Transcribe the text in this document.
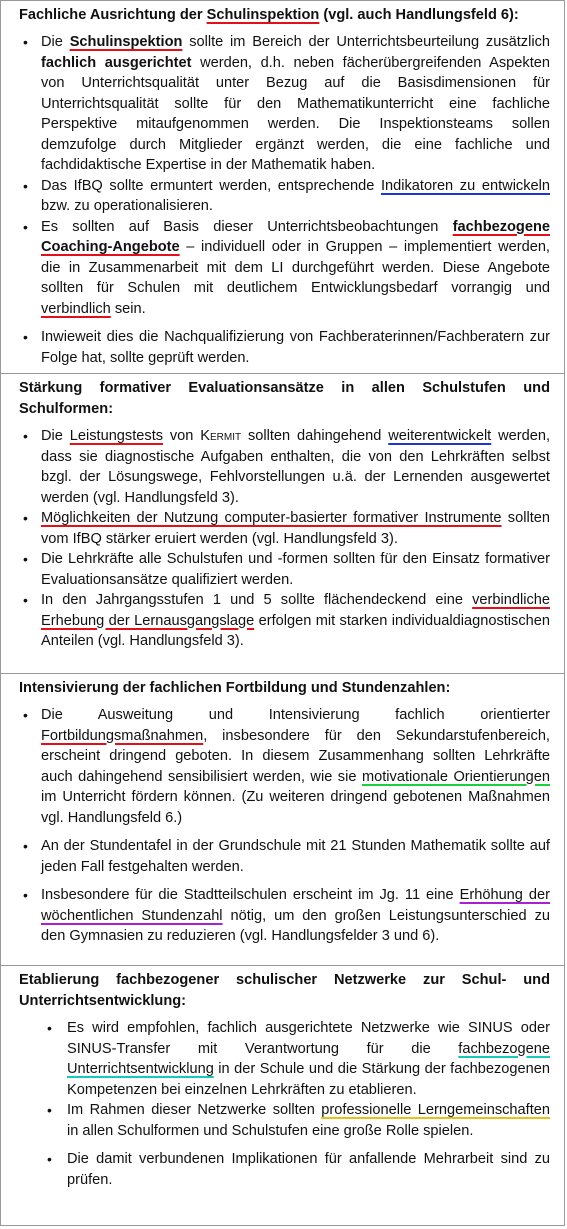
Fachliche Ausrichtung der Schulinspektion (vgl. auch Handlungsfeld 6):
• Die Schulinspektion sollte im Bereich der Unterrichtsbeurteilung zusätzlich fachlich ausgerichtet werden, d.h. neben fächerübergreifenden Aspekten von Unterrichtsqualität unter Bezug auf die Basisdimensionen für Unterrichtsqualität sollte für den Mathematikunterricht eine fachliche Perspektive mitaufgenommen werden. Die Inspektionsteams sollen demzufolge durch Mitglieder ergänzt werden, die eine fachliche und fachdidaktische Expertise in der Mathematik haben.
• Das IfBQ sollte ermuntert werden, entsprechende Indikatoren zu entwickeln bzw. zu operationalisieren.
• Es sollten auf Basis dieser Unterrichtsbeobachtungen fachbezogene Coaching-Angebote – individuell oder in Gruppen – implementiert werden, die in Zusammenarbeit mit dem LI durchgeführt werden. Diese Angebote sollten für Schulen mit deutlichem Entwicklungsbedarf vorrangig und verbindlich sein.
• Inwieweit dies die Nachqualifizierung von Fachberaterinnen/Fachberatern zur Folge hat, sollte geprüft werden.
Stärkung formativer Evaluationsansätze in allen Schulstufen und Schulformen:
• Die Leistungstests von Kermit sollten dahingehend weiterentwickelt werden, dass sie diagnostische Aufgaben enthalten, die von den Lehrkräften selbst bzgl. der Lösungswege, Fehlvorstellungen u.ä. der Lernenden ausgewertet werden (vgl. Handlungsfeld 3).
• Möglichkeiten der Nutzung computer-basierter formativer Instrumente sollten vom IfBQ stärker eruiert werden (vgl. Handlungsfeld 3).
• Die Lehrkräfte alle Schulstufen und -formen sollten für den Einsatz formativer Evaluationsansätze qualifiziert werden.
• In den Jahrgangsstufen 1 und 5 sollte flächendeckend eine verbindliche Erhebung der Lernausgangslage erfolgen mit starken individualdiagnostischen Anteilen (vgl. Handlungsfeld 3).
Intensivierung der fachlichen Fortbildung und Stundenzahlen:
• Die Ausweitung und Intensivierung fachlich orientierter Fortbildungsmaßnahmen, insbesondere für den Sekundarstufenbereich, erscheint dringend geboten. In diesem Zusammenhang sollten Lehrkräfte auch dahingehend sensibilisiert werden, wie sie motivationale Orientierungen im Unterricht fördern können. (Zu weiteren dringend gebotenen Maßnahmen vgl. Handlungsfeld 6.)
• An der Stundentafel in der Grundschule mit 21 Stunden Mathematik sollte auf jeden Fall festgehalten werden.
• Insbesondere für die Stadtteilschulen erscheint im Jg. 11 eine Erhöhung der wöchentlichen Stundenzahl nötig, um den großen Leistungsunterschied zu den Gymnasien zu reduzieren (vgl. Handlungsfelder 3 und 6).
Etablierung fachbezogener schulischer Netzwerke zur Schul- und Unterrichtsentwicklung:
• Es wird empfohlen, fachlich ausgerichtete Netzwerke wie SINUS oder SINUS-Transfer mit Verantwortung für die fachbezogene Unterrichtsentwicklung in der Schule und die Stärkung der fachbezogenen Kompetenzen bei einzelnen Lehrkräften zu etablieren.
• Im Rahmen dieser Netzwerke sollten professionelle Lerngemeinschaften in allen Schulformen und Schulstufen eine große Rolle spielen.
• Die damit verbundenen Implikationen für anfallende Mehrarbeit sind zu prüfen.
